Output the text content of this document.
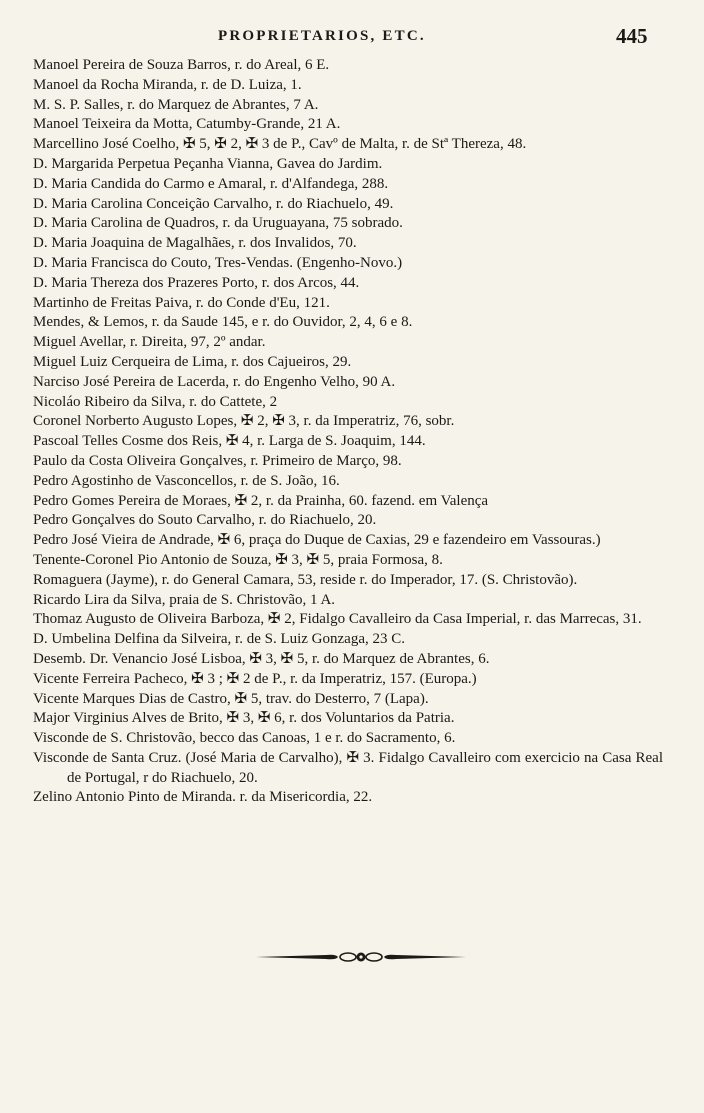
PROPRIETARIOS, ETC.	445
Manoel Pereira de Souza Barros, r. do Areal, 6 E.
Manoel da Rocha Miranda, r. de D. Luiza, 1.
M. S. P. Salles, r. do Marquez de Abrantes, 7 A.
Manoel Teixeira da Motta, Catumby-Grande, 21 A.
Marcellino José Coelho, ✠ 5, ✠ 2, ✠ 3 de P., Cavº de Malta, r. de Stª Thereza, 48.
D. Margarida Perpetua Peçanha Vianna, Gavea do Jardim.
D. Maria Candida do Carmo e Amaral, r. d'Alfandega, 288.
D. Maria Carolina Conceição Carvalho, r. do Riachuelo, 49.
D. Maria Carolina de Quadros, r. da Uruguayana, 75 sobrado.
D. Maria Joaquina de Magalhães, r. dos Invalidos, 70.
D. Maria Francisca do Couto, Tres-Vendas. (Engenho-Novo.)
D. Maria Thereza dos Prazeres Porto, r. dos Arcos, 44.
Martinho de Freitas Paiva, r. do Conde d'Eu, 121.
Mendes, & Lemos, r. da Saude 145, e r. do Ouvidor, 2, 4, 6 e 8.
Miguel Avellar, r. Direita, 97, 2º andar.
Miguel Luiz Cerqueira de Lima, r. dos Cajueiros, 29.
Narciso José Pereira de Lacerda, r. do Engenho Velho, 90 A.
Nicoláo Ribeiro da Silva, r. do Cattete, 2
Coronel Norberto Augusto Lopes, ✠ 2, ✠ 3, r. da Imperatriz, 76, sobr.
Pascoal Telles Cosme dos Reis, ✠ 4, r. Larga de S. Joaquim, 144.
Paulo da Costa Oliveira Gonçalves, r. Primeiro de Março, 98.
Pedro Agostinho de Vasconcellos, r. de S. João, 16.
Pedro Gomes Pereira de Moraes, ✠ 2, r. da Prainha, 60. fazend. em Valença
Pedro Gonçalves do Souto Carvalho, r. do Riachuelo, 20.
Pedro José Vieira de Andrade, ✠ 6, praça do Duque de Caxias, 29 e fazendeiro em Vassouras.)
Tenente-Coronel Pio Antonio de Souza, ✠ 3, ✠ 5, praia Formosa, 8.
Romaguera (Jayme), r. do General Camara, 53, reside r. do Imperador, 17. (S. Christovão).
Ricardo Lira da Silva, praia de S. Christovão, 1 A.
Thomaz Augusto de Oliveira Barboza, ✠ 2, Fidalgo Cavalleiro da Casa Imperial, r. das Marrecas, 31.
D. Umbelina Delfina da Silveira, r. de S. Luiz Gonzaga, 23 C.
Desemb. Dr. Venancio José Lisboa, ✠ 3, ✠ 5, r. do Marquez de Abrantes, 6.
Vicente Ferreira Pacheco, ✠ 3 ; ✠ 2 de P., r. da Imperatriz, 157. (Europa.)
Vicente Marques Dias de Castro, ✠ 5, trav. do Desterro, 7 (Lapa).
Major Virginius Alves de Brito, ✠ 3, ✠ 6, r. dos Voluntarios da Patria.
Visconde de S. Christovão, becco das Canoas, 1 e r. do Sacramento, 6.
Visconde de Santa Cruz. (José Maria de Carvalho), ✠ 3. Fidalgo Cavalleiro com exercicio na Casa Real de Portugal, r do Riachuelo, 20.
Zelino Antonio Pinto de Miranda. r. da Misericordia, 22.
